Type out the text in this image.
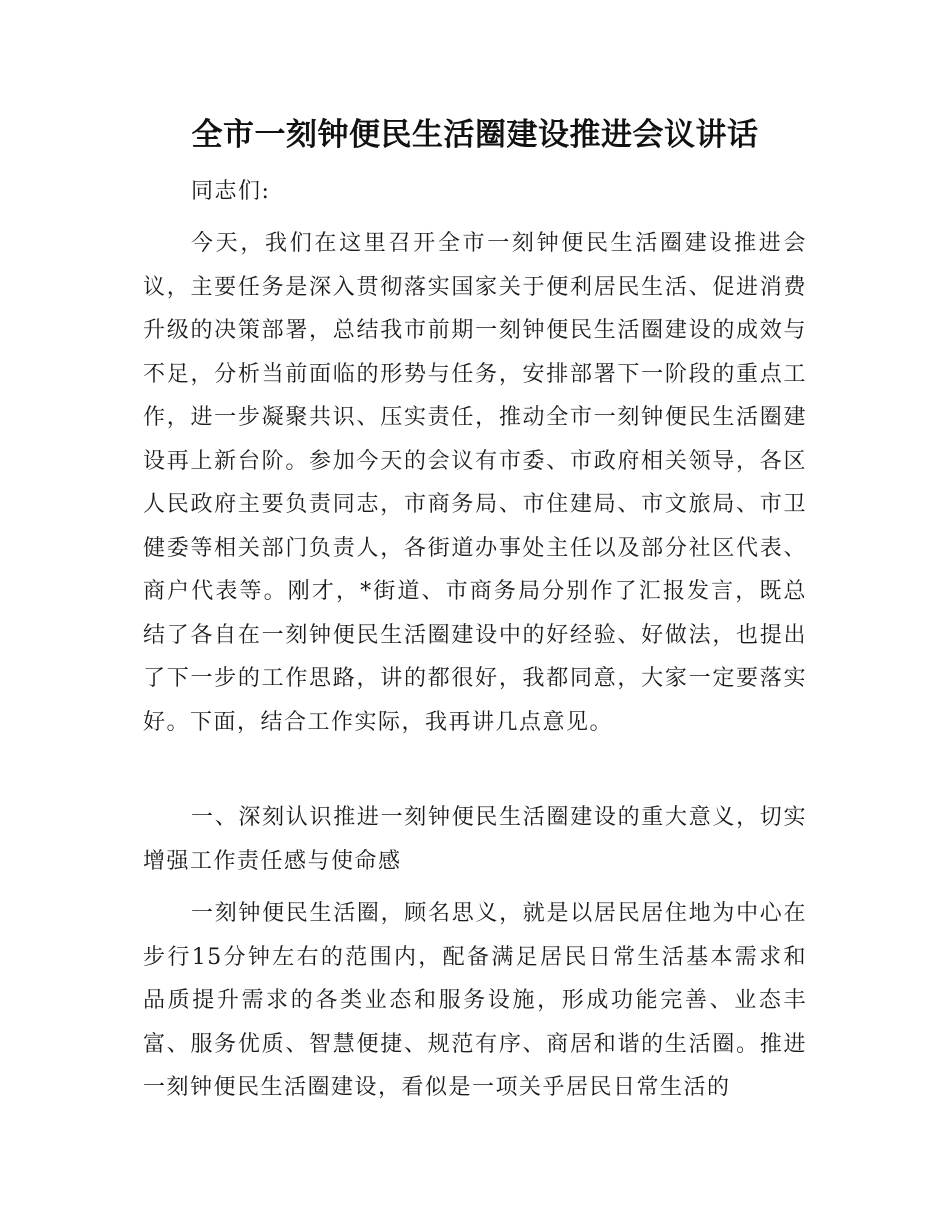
全市一刻钟便民生活圈建设推进会议讲话

同志们:

今天，我们在这里召开全市一刻钟便民生活圈建设推进会议，主要任务是深入贯彻落实国家关于便利居民生活、促进消费升级的决策部署，总结我市前期一刻钟便民生活圈建设的成效与不足，分析当前面临的形势与任务，安排部署下一阶段的重点工作，进一步凝聚共识、压实责任，推动全市一刻钟便民生活圈建设再上新台阶。参加今天的会议有市委、市政府相关领导，各区人民政府主要负责同志，市商务局、市住建局、市文旅局、市卫健委等相关部门负责人，各街道办事处主任以及部分社区代表、商户代表等。刚才，*街道、市商务局分别作了汇报发言，既总结了各自在一刻钟便民生活圈建设中的好经验、好做法，也提出了下一步的工作思路，讲的都很好，我都同意，大家一定要落实好。下面，结合工作实际，我再讲几点意见。

一、深刻认识推进一刻钟便民生活圈建设的重大意义，切实增强工作责任感与使命感

一刻钟便民生活圈，顾名思义，就是以居民居住地为中心在步行15分钟左右的范围内，配备满足居民日常生活基本需求和品质提升需求的各类业态和服务设施，形成功能完善、业态丰富、服务优质、智慧便捷、规范有序、商居和谐的生活圈。推进一刻钟便民生活圈建设，看似是一项关乎居民日常生活的
